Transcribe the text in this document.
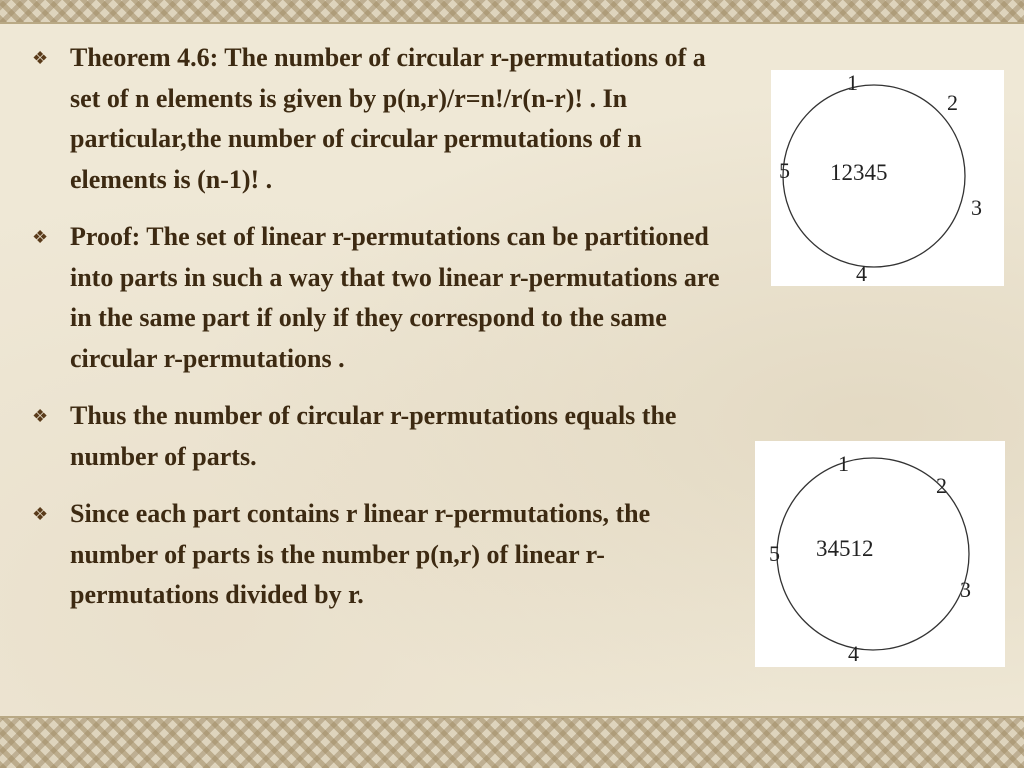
❖ Theorem 4.6: The number of circular r-permutations of a set of n elements is given by p(n,r)/r=n!/r(n-r)! . In particular,the number of circular permutations of n elements is (n-1)! .
❖ Proof: The set of linear r-permutations can be partitioned into parts in such a way that two linear r-permutations are in the same part if only if they correspond to the same circular r-permutations .
❖ Thus the number of circular r-permutations equals the number of parts.
❖ Since each part contains r linear r-permutations, the number of parts is the number p(n,r) of linear r-permutations divided by r.
1
2
3
4
5 12345
1
2
3
4
5 34512
